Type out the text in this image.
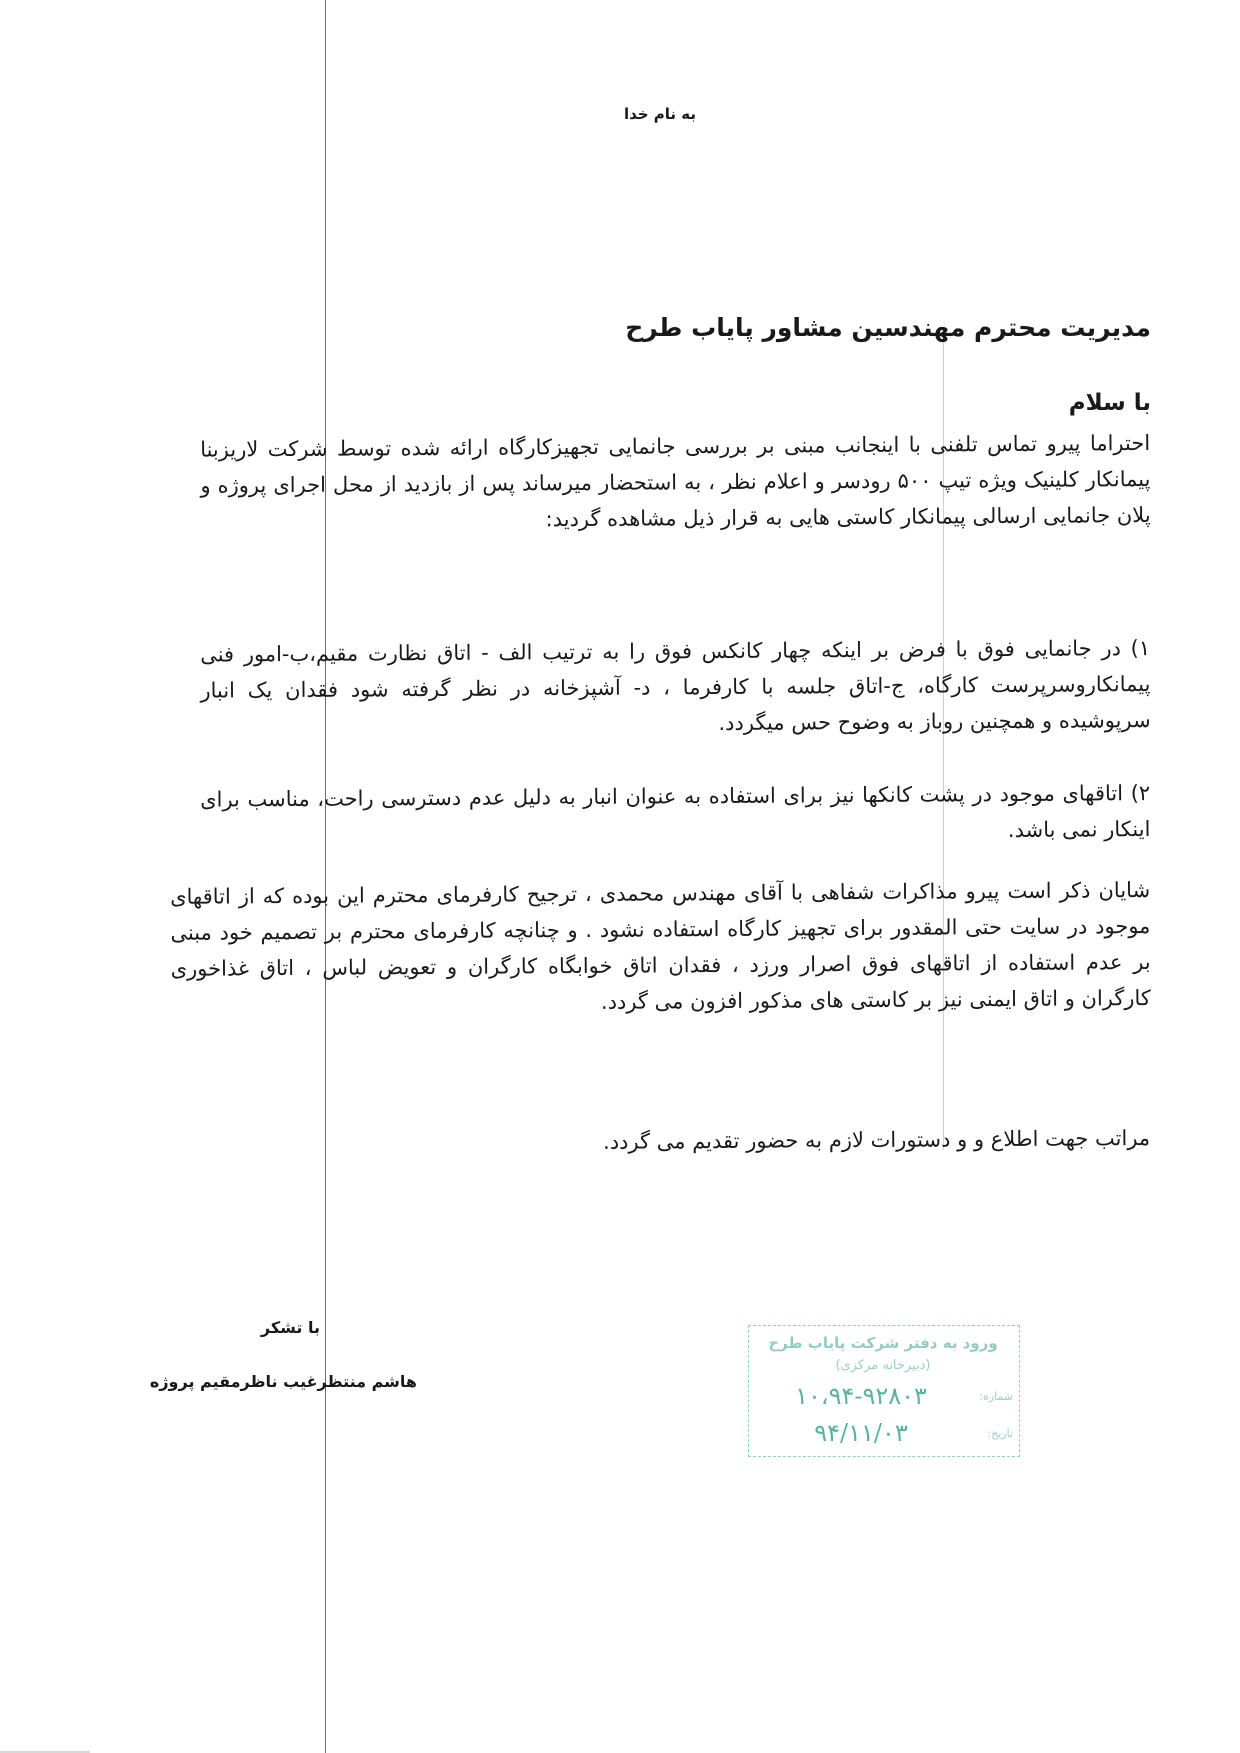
به نام خدا

مدیریت محترم مهندسین مشاور پایاب طرح

با سلام

احتراما پیرو تماس تلفنی با اینجانب مبنی بر بررسی جانمایی تجهیزکارگاه ارائه شده توسط شرکت لاریزبنا پیمانکار کلینیک ویژه تیپ ۵۰۰ رودسر و اعلام نظر ، به استحضار میرساند پس از بازدید از محل اجرای پروژه و پلان جانمایی ارسالی پیمانکار کاستی هایی به قرار ذیل مشاهده گردید:

۱) در جانمایی فوق با فرض بر اینکه چهار کانکس فوق را به ترتیب الف - اتاق نظارت مقیم،ب-امور فنی پیمانکاروسرپرست کارگاه، ج-اتاق جلسه با کارفرما ، د- آشپزخانه در نظر گرفته شود فقدان یک انبار سرپوشیده و همچنین روباز به وضوح حس میگردد.

۲) اتاقهای موجود در پشت کانکها نیز برای استفاده به عنوان انبار به دلیل عدم دسترسی راحت، مناسب برای اینکار نمی باشد.

شایان ذکر است پیرو مذاکرات شفاهی با آقای مهندس محمدی ، ترجیح کارفرمای محترم این بوده که از اتاقهای موجود در سایت حتی المقدور برای تجهیز کارگاه استفاده نشود . و چنانچه کارفرمای محترم بر تصمیم خود مبنی بر عدم استفاده از اتاقهای فوق اصرار ورزد ، فقدان اتاق خوابگاه کارگران و تعویض لباس ، اتاق غذاخوری کارگران و اتاق ایمنی نیز بر کاستی های مذکور افزون می گردد.

مراتب جهت اطلاع و و دستورات لازم به حضور تقدیم می گردد.

با تشکر

هاشم منتظرغیب ناظرمقیم پروژه

ورود به دفتر شرکت پایاب طرح
(دبیرخانه مرکزی)
شماره:
۱۰،۹۴-۹۲۸۰۳
تاریخ:
۹۴/۱۱/۰۳
